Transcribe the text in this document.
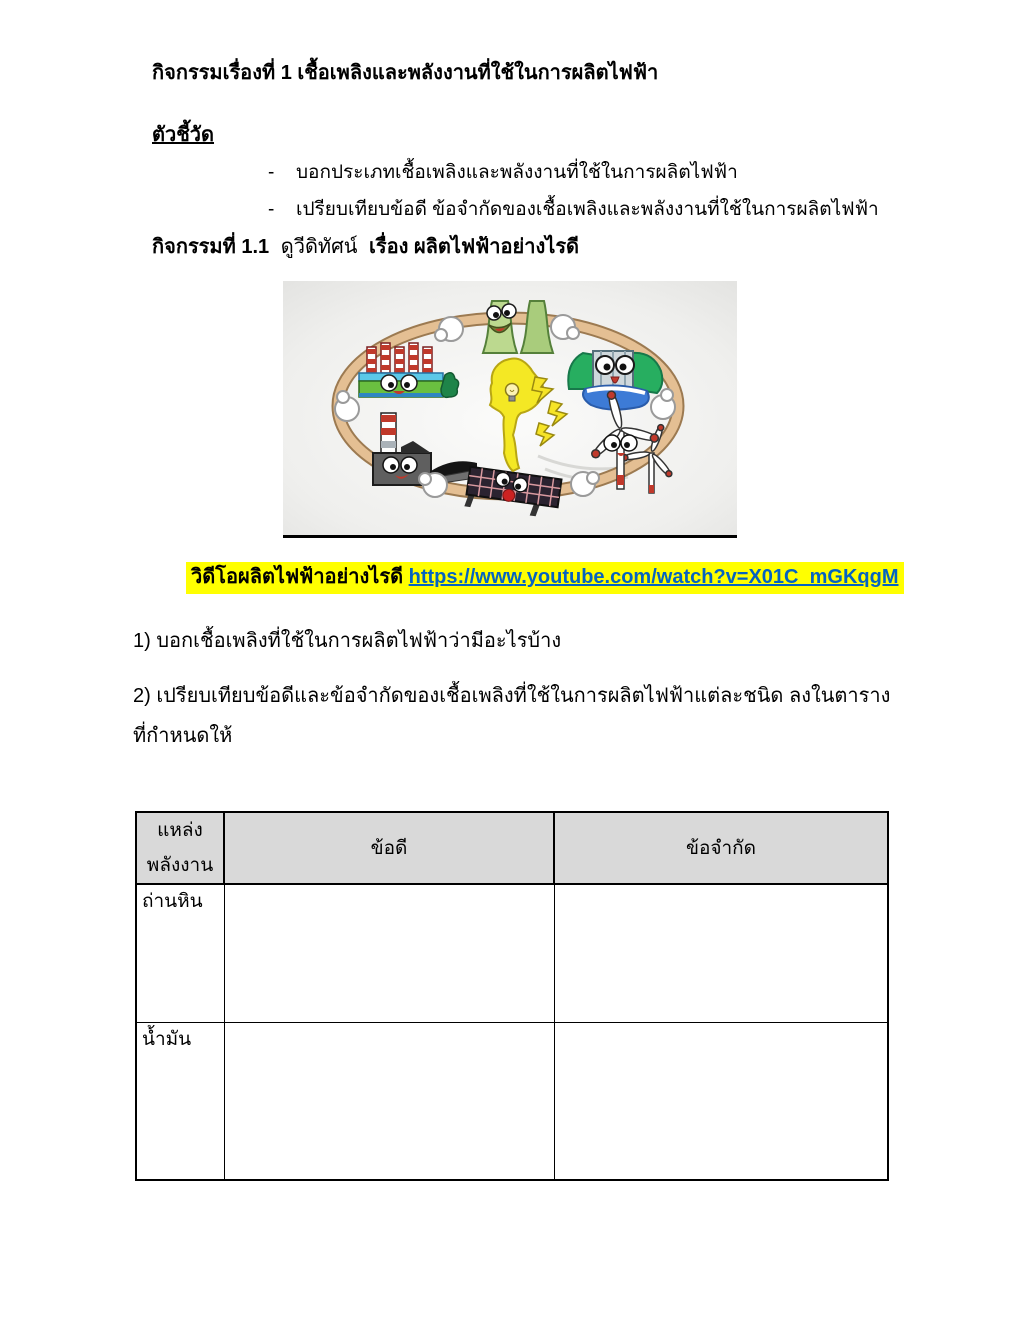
กิจกรรมเรื่องที่ 1 เชื้อเพลิงและพลังงานที่ใช้ในการผลิตไฟฟ้า
ตัวชี้วัด
-	บอกประเภทเชื้อเพลิงและพลังงานที่ใช้ในการผลิตไฟฟ้า
-	เปรียบเทียบข้อดี ข้อจำกัดของเชื้อเพลิงและพลังงานที่ใช้ในการผลิตไฟฟ้า
กิจกรรมที่ 1.1 ดูวีดิทัศน์ เรื่อง ผลิตไฟฟ้าอย่างไรดี
วิดีโอผลิตไฟฟ้าอย่างไรดี https://www.youtube.com/watch?v=X01C_mGKqgM
1) บอกเชื้อเพลิงที่ใช้ในการผลิตไฟฟ้าว่ามีอะไรบ้าง
2) เปรียบเทียบข้อดีและข้อจำกัดของเชื้อเพลิงที่ใช้ในการผลิตไฟฟ้าแต่ละชนิด ลงในตาราง
ที่กำหนดให้
แหล่ง
พลังงาน	ข้อดี	ข้อจำกัด
ถ่านหิน		
น้ำมัน		
